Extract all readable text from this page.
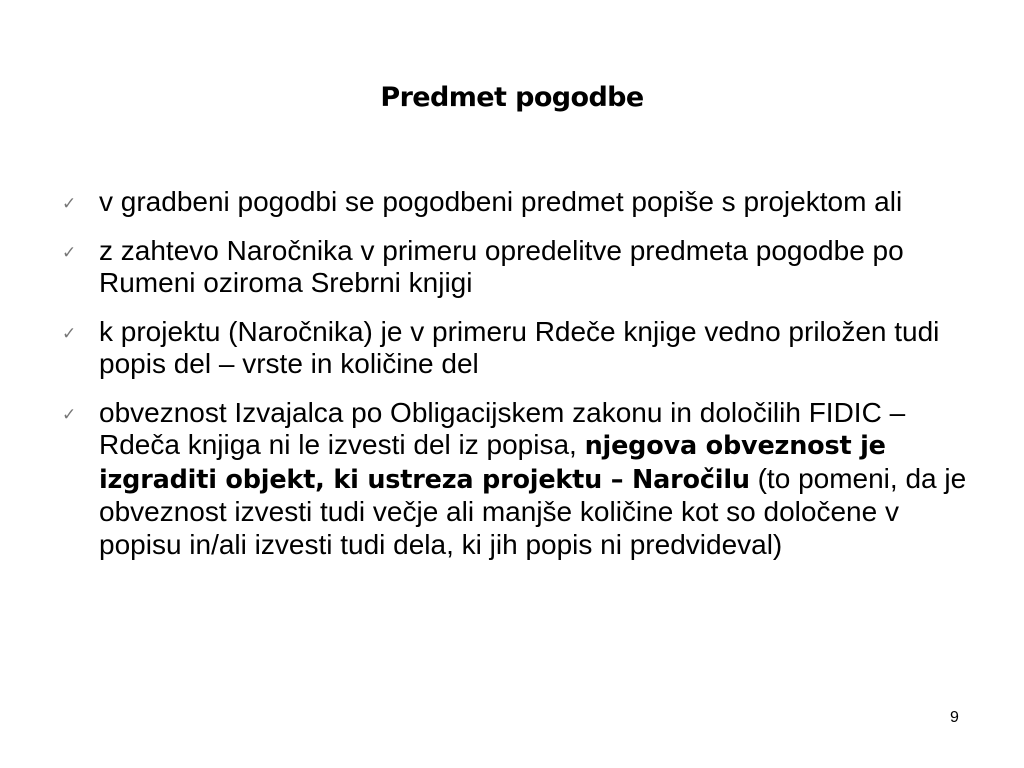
Predmet pogodbe
✓ v gradbeni pogodbi se pogodbeni predmet popiše s projektom ali
✓ z zahtevo Naročnika v primeru opredelitve predmeta pogodbe po Rumeni oziroma Srebrni knjigi
✓ k projektu (Naročnika) je v primeru Rdeče knjige vedno priložen tudi popis del – vrste in količine del
✓ obveznost Izvajalca po Obligacijskem zakonu in določilih FIDIC – Rdeča knjiga ni le izvesti del iz popisa, njegova obveznost je izgraditi objekt, ki ustreza projektu – Naročilu (to pomeni, da je obveznost izvesti tudi večje ali manjše količine kot so določene v popisu in/ali izvesti tudi dela, ki jih popis ni predvideval)
9
